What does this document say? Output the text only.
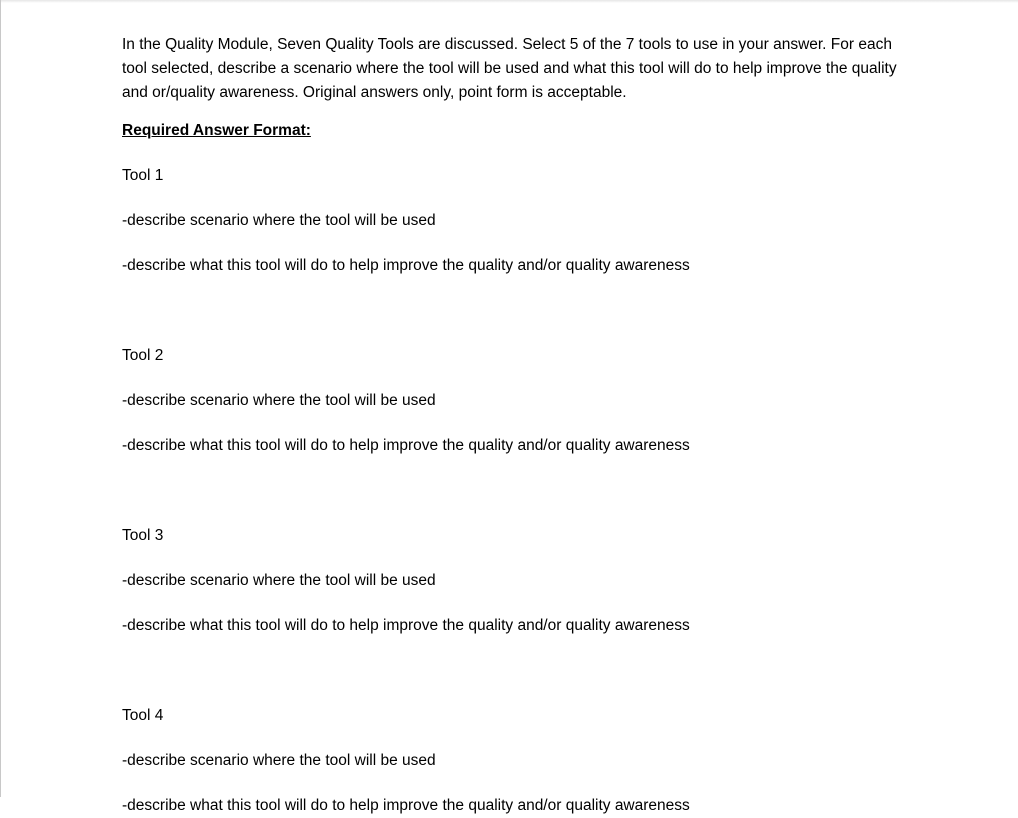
In the Quality Module, Seven Quality Tools are discussed. Select 5 of the 7 tools to use in your answer. For each tool selected, describe a scenario where the tool will be used and what this tool will do to help improve the quality and or/quality awareness. Original answers only, point form is acceptable.

Required Answer Format:
Tool 1
-describe scenario where the tool will be used
-describe what this tool will do to help improve the quality and/or quality awareness
Tool 2
-describe scenario where the tool will be used
-describe what this tool will do to help improve the quality and/or quality awareness
Tool 3
-describe scenario where the tool will be used
-describe what this tool will do to help improve the quality and/or quality awareness
Tool 4
-describe scenario where the tool will be used
-describe what this tool will do to help improve the quality and/or quality awareness
